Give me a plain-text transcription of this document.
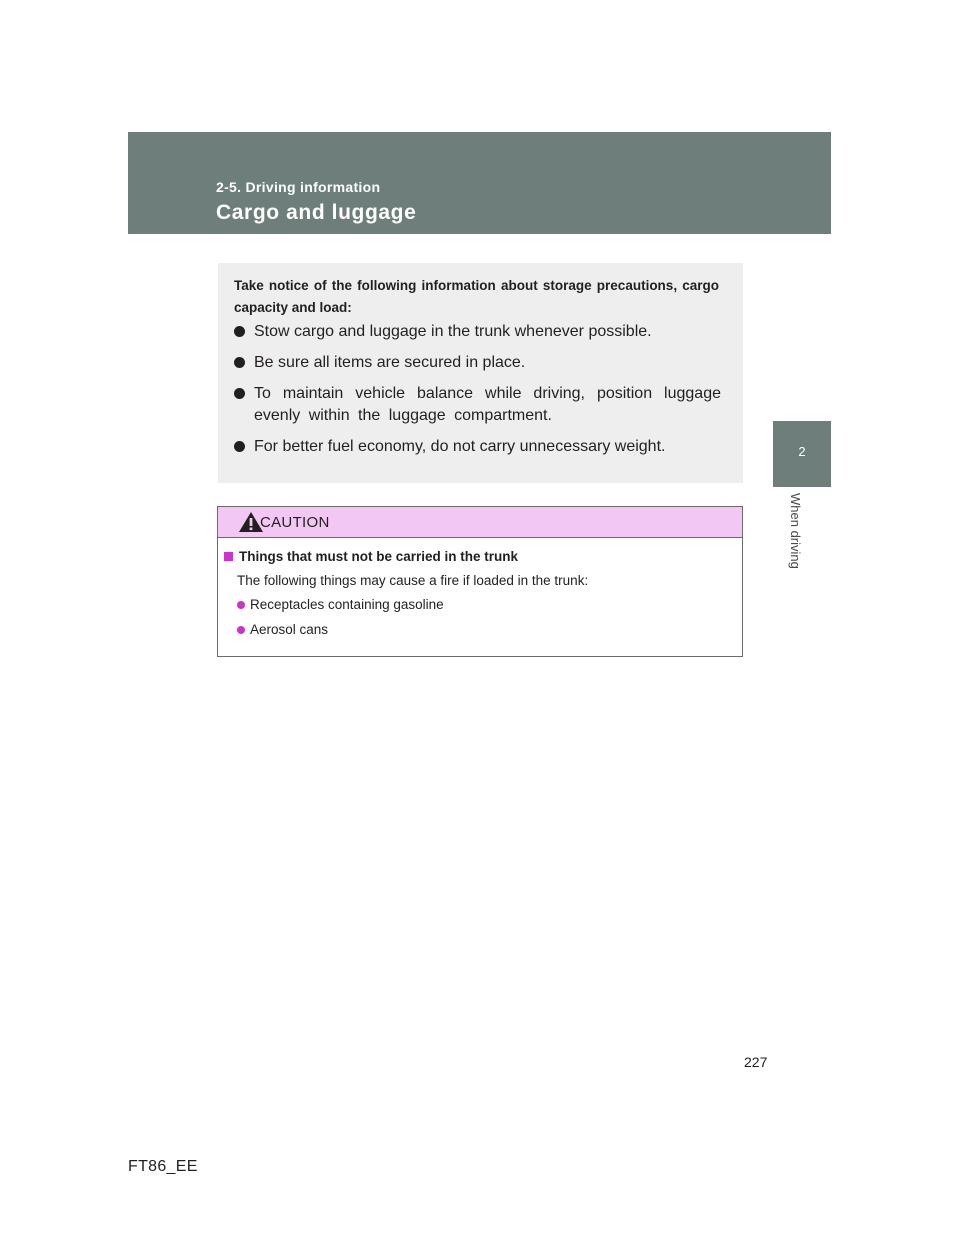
2-5. Driving information
Cargo and luggage
2
When driving
Take notice of the following information about storage precautions, cargo capacity and load:
Stow cargo and luggage in the trunk whenever possible.
Be sure all items are secured in place.
To maintain vehicle balance while driving, position luggage evenly within the luggage compartment.
For better fuel economy, do not carry unnecessary weight.
CAUTION
Things that must not be carried in the trunk
The following things may cause a fire if loaded in the trunk:
Receptacles containing gasoline
Aerosol cans
227
FT86_EE
